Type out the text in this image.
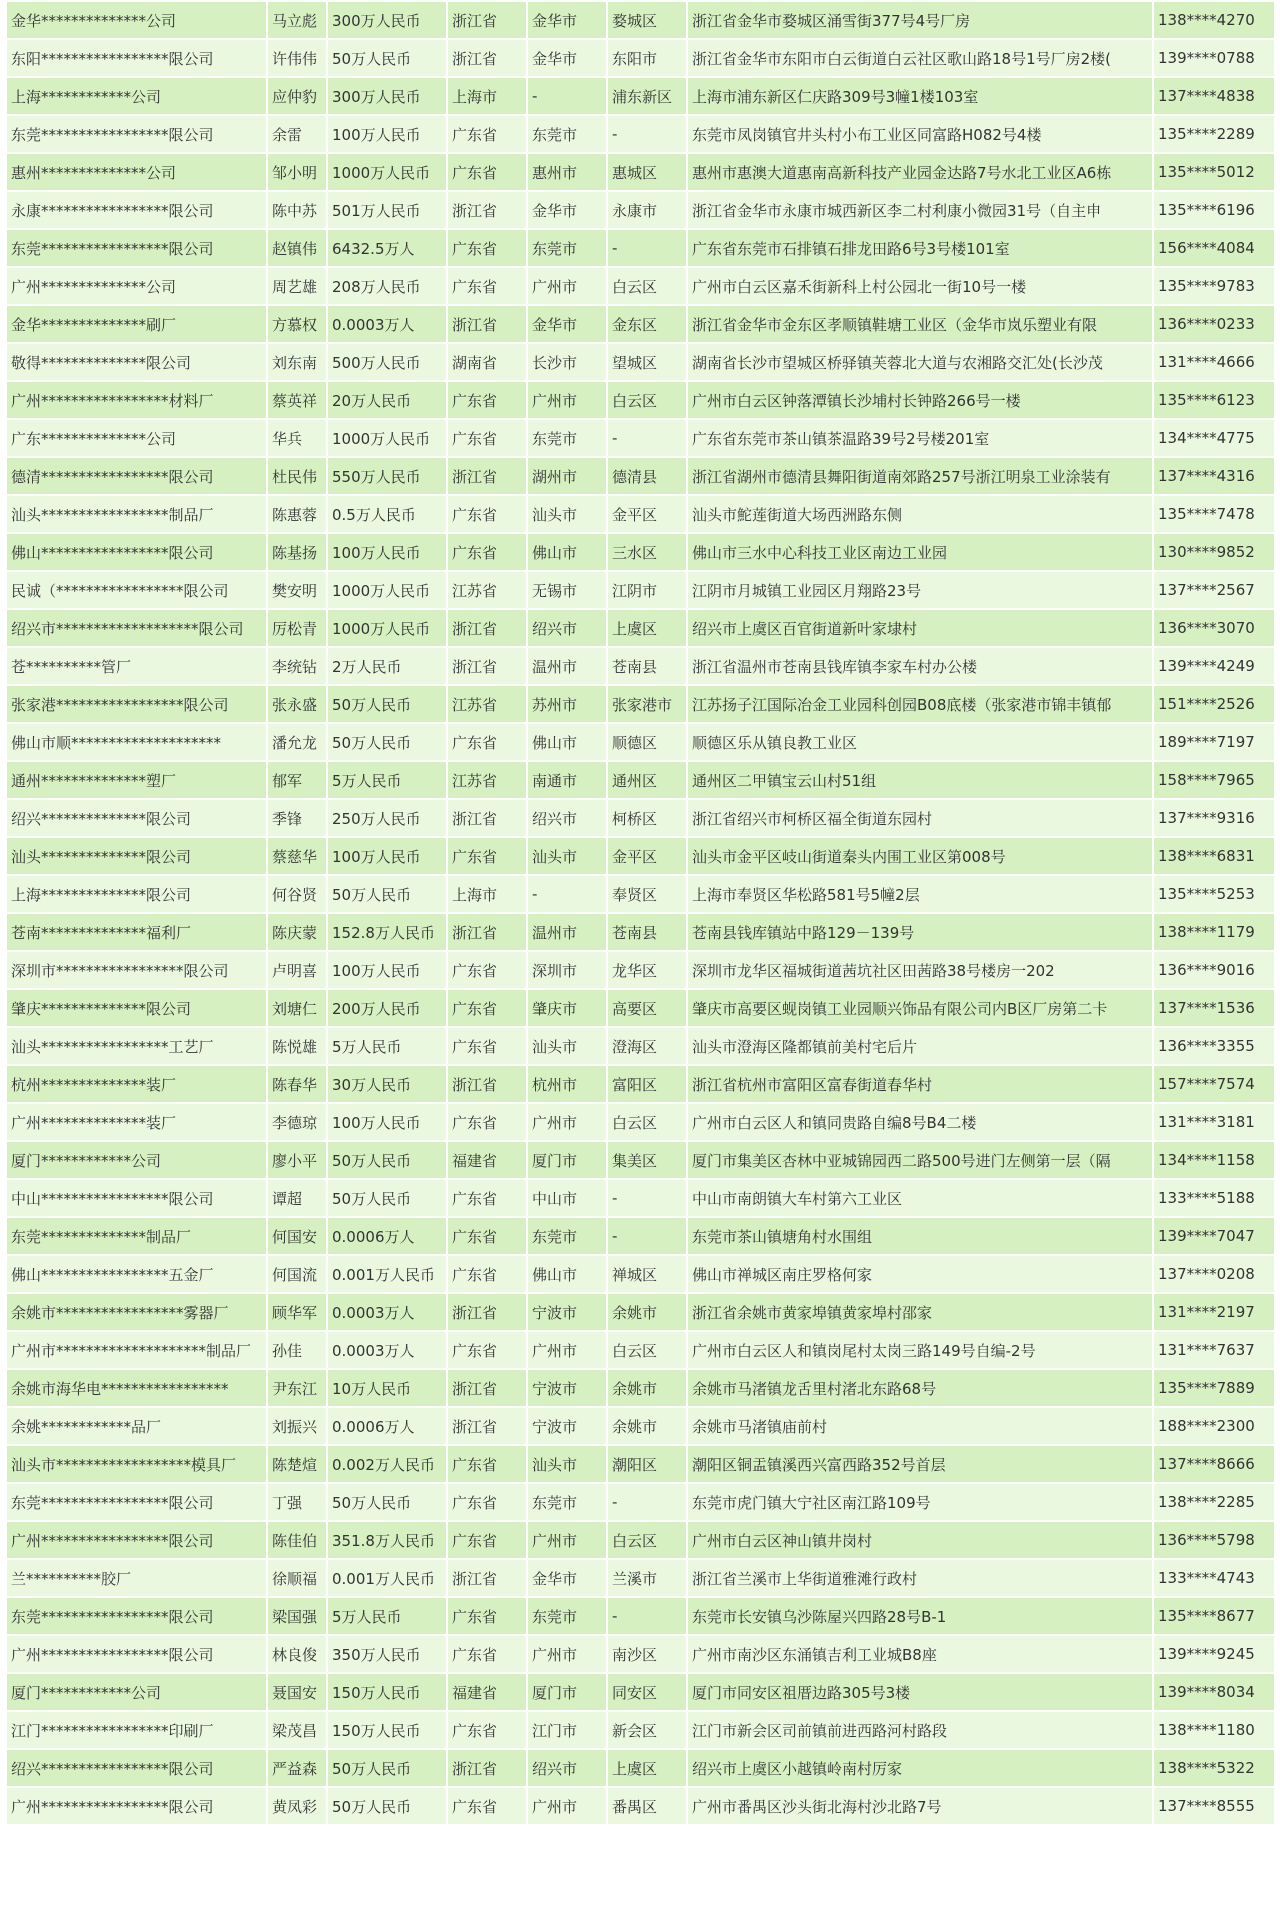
金华**************公司	马立彪	300万人民币	浙江省	金华市	婺城区	浙江省金华市婺城区涌雪街377号4号厂房	138****4270
东阳*****************限公司	许伟伟	50万人民币	浙江省	金华市	东阳市	浙江省金华市东阳市白云街道白云社区歌山路18号1号厂房2楼(	139****0788
上海************公司	应仲豹	300万人民币	上海市	-	浦东新区	上海市浦东新区仁庆路309号3幢1楼103室	137****4838
东莞*****************限公司	余雷	100万人民币	广东省	东莞市	-	东莞市凤岗镇官井头村小布工业区同富路H082号4楼	135****2289
惠州**************公司	邹小明	1000万人民币	广东省	惠州市	惠城区	惠州市惠澳大道惠南高新科技产业园金达路7号水北工业区A6栋	135****5012
永康*****************限公司	陈中苏	501万人民币	浙江省	金华市	永康市	浙江省金华市永康市城西新区李二村利康小微园31号（自主申	135****6196
东莞*****************限公司	赵镇伟	6432.5万人	广东省	东莞市	-	广东省东莞市石排镇石排龙田路6号3号楼101室	156****4084
广州**************公司	周艺雄	208万人民币	广东省	广州市	白云区	广州市白云区嘉禾街新科上村公园北一街10号一楼	135****9783
金华**************刷厂	方慕权	0.0003万人	浙江省	金华市	金东区	浙江省金华市金东区孝顺镇鞋塘工业区（金华市岚乐塑业有限	136****0233
敬得**************限公司	刘东南	500万人民币	湖南省	长沙市	望城区	湖南省长沙市望城区桥驿镇芙蓉北大道与农湘路交汇处(长沙茂	131****4666
广州*****************材料厂	蔡英祥	20万人民币	广东省	广州市	白云区	广州市白云区钟落潭镇长沙埔村长钟路266号一楼	135****6123
广东**************公司	华兵	1000万人民币	广东省	东莞市	-	广东省东莞市茶山镇茶温路39号2号楼201室	134****4775
德清*****************限公司	杜民伟	550万人民币	浙江省	湖州市	德清县	浙江省湖州市德清县舞阳街道南郊路257号浙江明泉工业涂装有	137****4316
汕头*****************制品厂	陈惠蓉	0.5万人民币	广东省	汕头市	金平区	汕头市鮀莲街道大场西洲路东侧	135****7478
佛山*****************限公司	陈基扬	100万人民币	广东省	佛山市	三水区	佛山市三水中心科技工业区南边工业园	130****9852
民诚（*****************限公司	樊安明	1000万人民币	江苏省	无锡市	江阴市	江阴市月城镇工业园区月翔路23号	137****2567
绍兴市*******************限公司	厉松青	1000万人民币	浙江省	绍兴市	上虞区	绍兴市上虞区百官街道新叶家埭村	136****3070
苍**********管厂	李统钻	2万人民币	浙江省	温州市	苍南县	浙江省温州市苍南县钱库镇李家车村办公楼	139****4249
张家港*****************限公司	张永盛	50万人民币	江苏省	苏州市	张家港市	江苏扬子江国际冶金工业园科创园B08底楼（张家港市锦丰镇郁	151****2526
佛山市顺********************	潘允龙	50万人民币	广东省	佛山市	顺德区	顺德区乐从镇良教工业区	189****7197
通州**************塑厂	郁军	5万人民币	江苏省	南通市	通州区	通州区二甲镇宝云山村51组	158****7965
绍兴**************限公司	季锋	250万人民币	浙江省	绍兴市	柯桥区	浙江省绍兴市柯桥区福全街道东园村	137****9316
汕头**************限公司	蔡慈华	100万人民币	广东省	汕头市	金平区	汕头市金平区岐山街道秦头内围工业区第008号	138****6831
上海**************限公司	何谷贤	50万人民币	上海市	-	奉贤区	上海市奉贤区华松路581号5幢2层	135****5253
苍南**************福利厂	陈庆蒙	152.8万人民币	浙江省	温州市	苍南县	苍南县钱库镇站中路129－139号	138****1179
深圳市*****************限公司	卢明喜	100万人民币	广东省	深圳市	龙华区	深圳市龙华区福城街道茜坑社区田茜路38号楼房一202	136****9016
肇庆**************限公司	刘塘仁	200万人民币	广东省	肇庆市	高要区	肇庆市高要区蚬岗镇工业园顺兴饰品有限公司内B区厂房第二卡	137****1536
汕头*****************工艺厂	陈悦雄	5万人民币	广东省	汕头市	澄海区	汕头市澄海区隆都镇前美村宅后片	136****3355
杭州**************装厂	陈春华	30万人民币	浙江省	杭州市	富阳区	浙江省杭州市富阳区富春街道春华村	157****7574
广州**************装厂	李德琼	100万人民币	广东省	广州市	白云区	广州市白云区人和镇同贵路自编8号B4二楼	131****3181
厦门************公司	廖小平	50万人民币	福建省	厦门市	集美区	厦门市集美区杏林中亚城锦园西二路500号进门左侧第一层（隔	134****1158
中山*****************限公司	谭超	50万人民币	广东省	中山市	-	中山市南朗镇大车村第六工业区	133****5188
东莞**************制品厂	何国安	0.0006万人	广东省	东莞市	-	东莞市茶山镇塘角村水围组	139****7047
佛山*****************五金厂	何国流	0.001万人民币	广东省	佛山市	禅城区	佛山市禅城区南庄罗格何家	137****0208
余姚市*****************雾器厂	顾华军	0.0003万人	浙江省	宁波市	余姚市	浙江省余姚市黄家埠镇黄家埠村邵家	131****2197
广州市********************制品厂	孙佳	0.0003万人	广东省	广州市	白云区	广州市白云区人和镇岗尾村太岗三路149号自编-2号	131****7637
余姚市海华电*****************	尹东江	10万人民币	浙江省	宁波市	余姚市	余姚市马渚镇龙舌里村渚北东路68号	135****7889
余姚************品厂	刘振兴	0.0006万人	浙江省	宁波市	余姚市	余姚市马渚镇庙前村	188****2300
汕头市******************模具厂	陈楚煊	0.002万人民币	广东省	汕头市	潮阳区	潮阳区铜盂镇溪西兴富西路352号首层	137****8666
东莞*****************限公司	丁强	50万人民币	广东省	东莞市	-	东莞市虎门镇大宁社区南江路109号	138****2285
广州*****************限公司	陈佳伯	351.8万人民币	广东省	广州市	白云区	广州市白云区神山镇井岗村	136****5798
兰**********胶厂	徐顺福	0.001万人民币	浙江省	金华市	兰溪市	浙江省兰溪市上华街道雅滩行政村	133****4743
东莞*****************限公司	梁国强	5万人民币	广东省	东莞市	-	东莞市长安镇乌沙陈屋兴四路28号B-1	135****8677
广州*****************限公司	林良俊	350万人民币	广东省	广州市	南沙区	广州市南沙区东涌镇吉利工业城B8座	139****9245
厦门************公司	聂国安	150万人民币	福建省	厦门市	同安区	厦门市同安区祖厝边路305号3楼	139****8034
江门*****************印刷厂	梁茂昌	150万人民币	广东省	江门市	新会区	江门市新会区司前镇前进西路河村路段	138****1180
绍兴*****************限公司	严益森	50万人民币	浙江省	绍兴市	上虞区	绍兴市上虞区小越镇岭南村厉家	138****5322
广州*****************限公司	黄凤彩	50万人民币	广东省	广州市	番禺区	广州市番禺区沙头街北海村沙北路7号	137****8555
